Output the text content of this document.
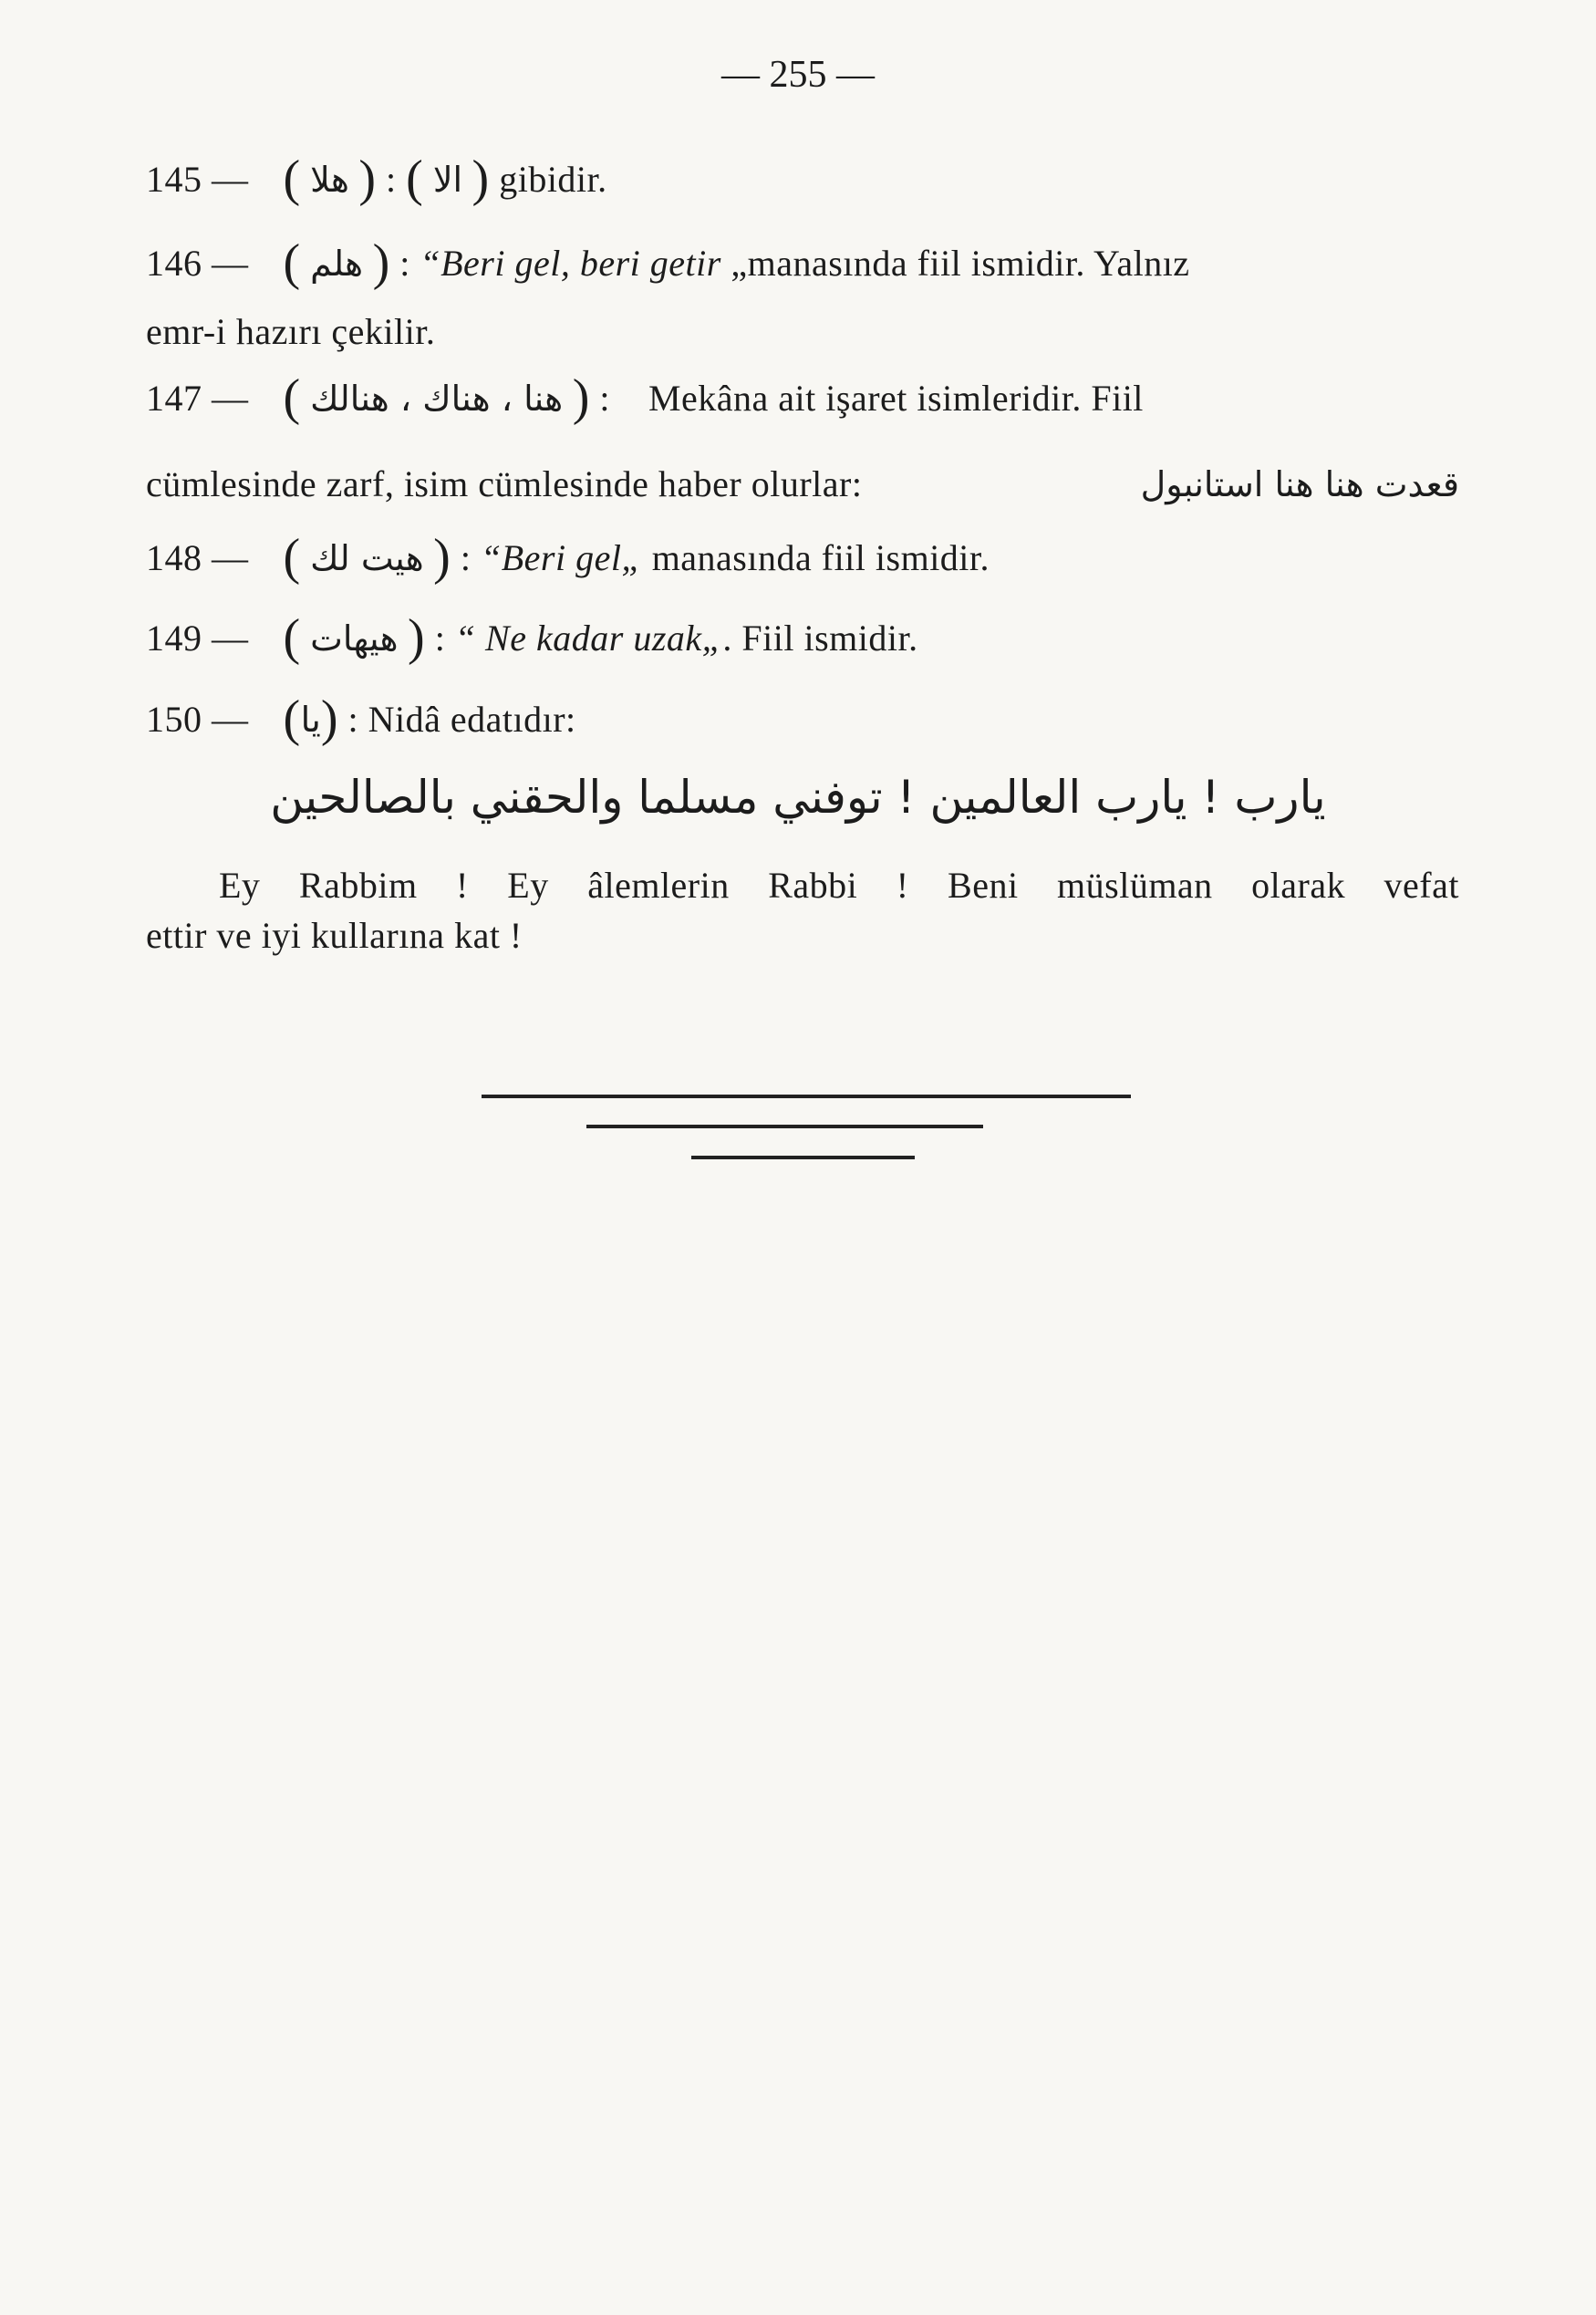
— 255 —
145 — ( هلا ) : ( الا ) gibidir.
146 — ( هلم ) : “Beri gel, beri getir „manasında fiil ismidir. Yalnız
emr-i hazırı çekilir.
147 — ( هنا ، هناك ، هنالك ) :    Mekâna ait işaret isimleridir. Fiil
cümlesinde zarf, isim cümlesinde haber olurlar:	قعدت هنا هنا استانبول
148 — ( هيت لك ) : “Beri gel„ manasında fiil ismidir.
149 — ( هيهات ) : “ Ne kadar uzak„. Fiil ismidir.
150 — (يا) : Nidâ edatıdır:
يارب ! يارب العالمين ! توفني مسلما والحقني بالصالحين
Ey Rabbim ! Ey âlemlerin Rabbi ! Beni müslüman olarak vefat
ettir ve iyi kullarına kat !
